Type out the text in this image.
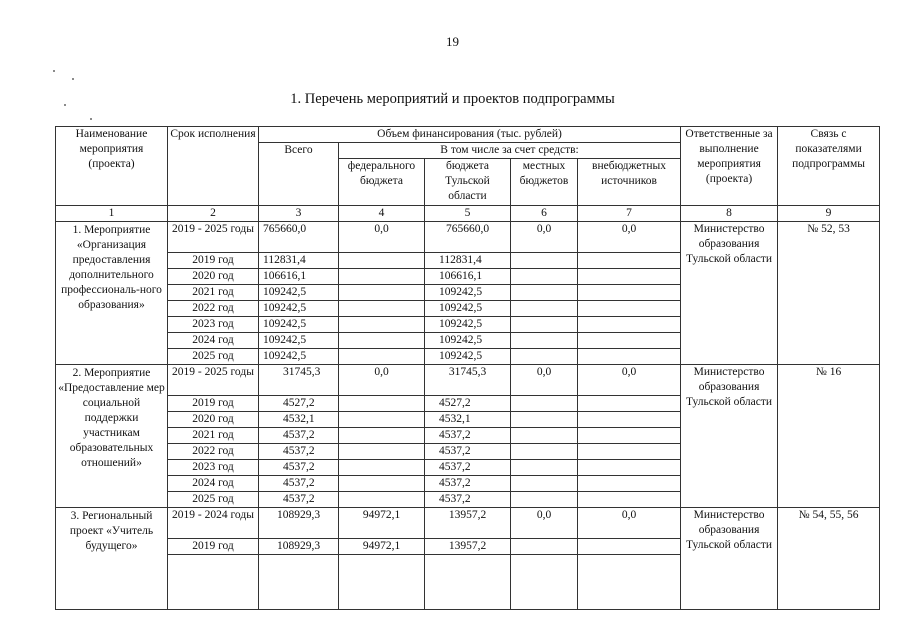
19
1. Перечень мероприятий и проектов подпрограммы
Наименование мероприятия (проекта)	Срок исполнения	Объем финансирования (тыс. рублей)					Ответственные за выполнение мероприятия (проекта)	Связь с показателями подпрограммы
		Всего	В том числе за счет средств:					
			федерального бюджета	бюджета Тульской области	местных бюджетов	внебюджетных источников		
1	2	3	4	5	6	7	8	9
1. Мероприятие «Организация предоставления дополнительного профессиональ-ного образования»	2019 - 2025 годы	765660,0	0,0	765660,0	0,0	0,0	Министерство образования Тульской области	№ 52, 53
	2019 год	112831,4		112831,4				
	2020 год	106616,1		106616,1				
	2021 год	109242,5		109242,5				
	2022 год	109242,5		109242,5				
	2023 год	109242,5		109242,5				
	2024 год	109242,5		109242,5				
	2025 год	109242,5		109242,5				
2. Мероприятие «Предоставление мер социальной поддержки участникам образовательных отношений»	2019 - 2025 годы	31745,3	0,0	31745,3	0,0	0,0	Министерство образования Тульской области	№ 16
	2019 год	4527,2		4527,2				
	2020 год	4532,1		4532,1				
	2021 год	4537,2		4537,2				
	2022 год	4537,2		4537,2				
	2023 год	4537,2		4537,2				
	2024 год	4537,2		4537,2				
	2025 год	4537,2		4537,2				
3. Региональный проект «Учитель будущего»	2019 - 2024 годы	108929,3	94972,1	13957,2	0,0	0,0	Министерство образования Тульской области	№ 54, 55, 56
	2019 год	108929,3	94972,1	13957,2				
